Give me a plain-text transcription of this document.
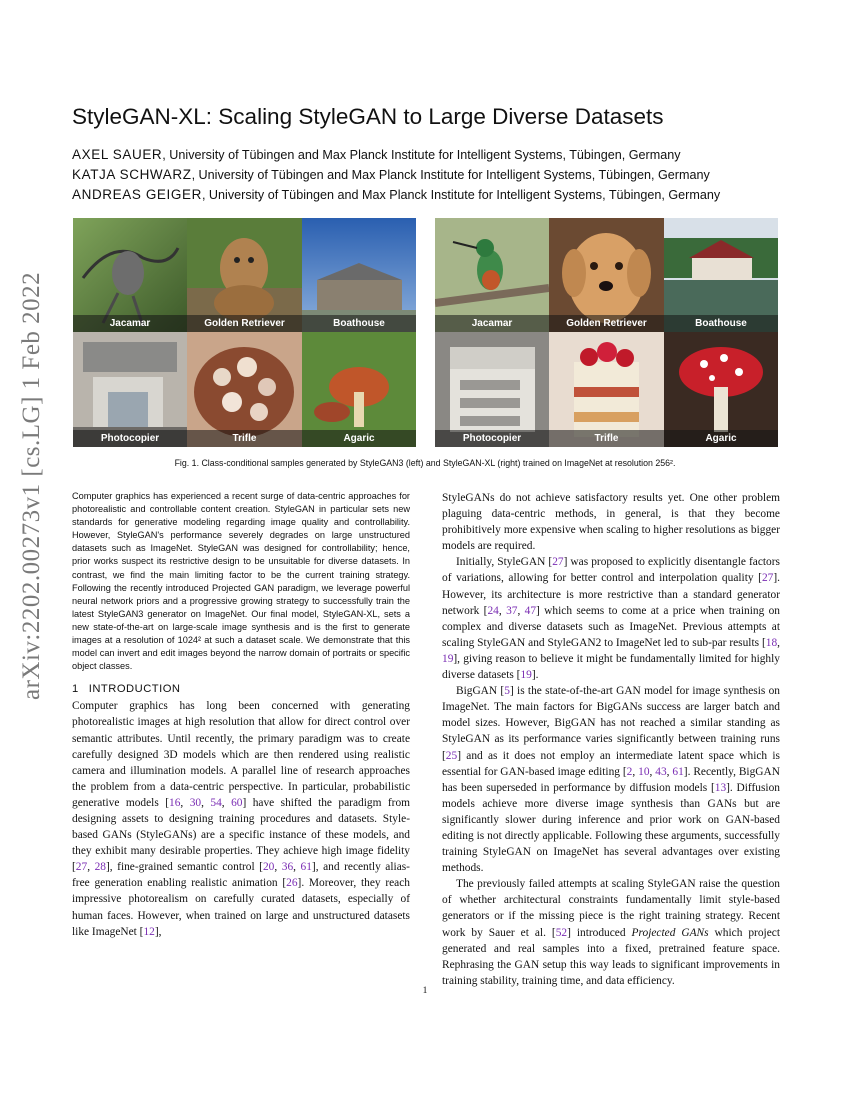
arXiv:2202.00273v1 [cs.LG] 1 Feb 2022
StyleGAN-XL: Scaling StyleGAN to Large Diverse Datasets
AXEL SAUER, University of Tübingen and Max Planck Institute for Intelligent Systems, Tübingen, Germany
KATJA SCHWARZ, University of Tübingen and Max Planck Institute for Intelligent Systems, Tübingen, Germany
ANDREAS GEIGER, University of Tübingen and Max Planck Institute for Intelligent Systems, Tübingen, Germany
Jacamar	Golden Retriever	Boathouse
Photocopier	Trifle	Agaric
Jacamar	Golden Retriever	Boathouse
Photocopier	Trifle	Agaric
Fig. 1. Class-conditional samples generated by StyleGAN3 (left) and StyleGAN-XL (right) trained on ImageNet at resolution 256².

Computer graphics has experienced a recent surge of data-centric approaches for photorealistic and controllable content creation. StyleGAN in particular sets new standards for generative modeling regarding image quality and controllability. However, StyleGAN's performance severely degrades on large unstructured datasets such as ImageNet. StyleGAN was designed for controllability; hence, prior works suspect its restrictive design to be unsuitable for diverse datasets. In contrast, we find the main limiting factor to be the current training strategy. Following the recently introduced Projected GAN paradigm, we leverage powerful neural network priors and a progressive growing strategy to successfully train the latest StyleGAN3 generator on ImageNet. Our final model, StyleGAN-XL, sets a new state-of-the-art on large-scale image synthesis and is the first to generate images at a resolution of 1024² at such a dataset scale. We demonstrate that this model can invert and edit images beyond the narrow domain of portraits or specific object classes.

1 INTRODUCTION

Computer graphics has long been concerned with generating photorealistic images at high resolution that allow for direct control over semantic attributes. Until recently, the primary paradigm was to create carefully designed 3D models which are then rendered using realistic camera and illumination models. A parallel line of research approaches the problem from a data-centric perspective. In particular, probabilistic generative models [16, 30, 54, 60] have shifted the paradigm from designing assets to designing training procedures and datasets. Style-based GANs (StyleGANs) are a specific instance of these models, and they exhibit many desirable properties. They achieve high image fidelity [27, 28], fine-grained semantic control [20, 36, 61], and recently alias-free generation enabling realistic animation [26]. Moreover, they reach impressive photorealism on carefully curated datasets, especially of human faces. However, when trained on large and unstructured datasets like ImageNet [12],

StyleGANs do not achieve satisfactory results yet. One other problem plaguing data-centric methods, in general, is that they become prohibitively more expensive when scaling to higher resolutions as bigger models are required.

Initially, StyleGAN [27] was proposed to explicitly disentangle factors of variations, allowing for better control and interpolation quality [27]. However, its architecture is more restrictive than a standard generator network [24, 37, 47] which seems to come at a price when training on complex and diverse datasets such as ImageNet. Previous attempts at scaling StyleGAN and StyleGAN2 to ImageNet led to sub-par results [18, 19], giving reason to believe it might be fundamentally limited for highly diverse datasets [19].

BigGAN [5] is the state-of-the-art GAN model for image synthesis on ImageNet. The main factors for BigGANs success are larger batch and model sizes. However, BigGAN has not reached a similar standing as StyleGAN as its performance varies significantly between training runs [25] and as it does not employ an intermediate latent space which is essential for GAN-based image editing [2, 10, 43, 61]. Recently, BigGAN has been superseded in performance by diffusion models [13]. Diffusion models achieve more diverse image synthesis than GANs but are significantly slower during inference and prior work on GAN-based editing is not directly applicable. Following these arguments, successfully training StyleGAN on ImageNet has several advantages over existing methods.

The previously failed attempts at scaling StyleGAN raise the question of whether architectural constraints fundamentally limit style-based generators or if the missing piece is the right training strategy. Recent work by Sauer et al. [52] introduced Projected GANs which project generated and real samples into a fixed, pretrained feature space. Rephrasing the GAN setup this way leads to significant improvements in training stability, training time, and data efficiency.

1
